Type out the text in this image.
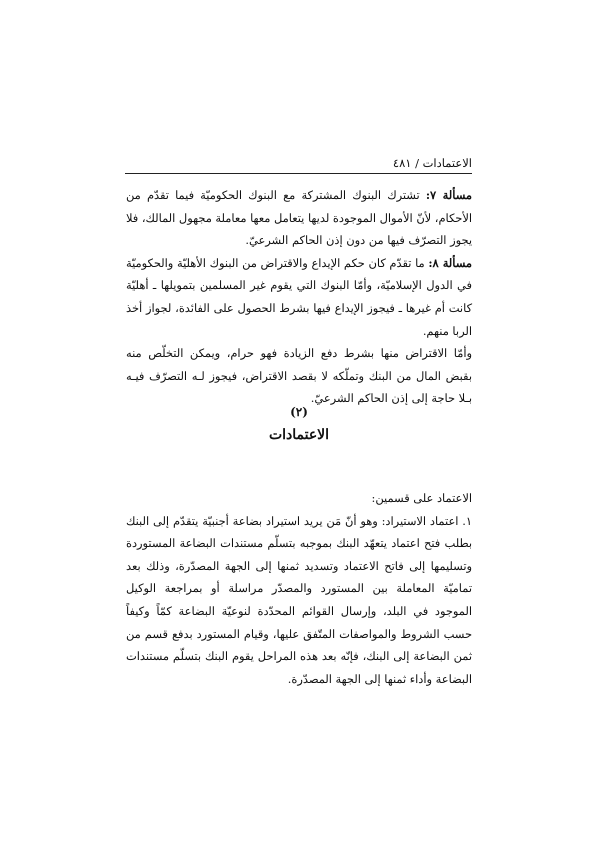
الاعتمادات / ٤٨١

مسألة ٧: تشترك البنوك المشتركة مع البنوك الحكوميّة فيما تقدّم من الأحكام، لأنّ الأموال الموجودة لديها يتعامل معها معاملة مجهول المالك، فلا يجوز التصرّف فيها من دون إذن الحاكم الشرعيّ.

مسألة ٨: ما تقدّم كان حكم الإيداع والاقتراض من البنوك الأهليّة والحكوميّة في الدول الإسلاميّة، وأمّا البنوك التي يقوم غير المسلمين بتمويلها ـ أهليّة كانت أم غيرها ـ فيجوز الإيداع فيها بشرط الحصول على الفائدة، لجواز أخذ الربا منهم.

وأمّا الاقتراض منها بشرط دفع الزيادة فهو حرام، ويمكن التخلّص منه بقبض المال من البنك وتملّكه لا بقصد الاقتراض، فيجوز لـه التصرّف فيـه بـلا حاجة إلى إذن الحاكم الشرعيّ.

(٢)
الاعتمادات

الاعتماد على قسمين:

١. اعتماد الاستيراد: وهو أنّ مَن يريد استيراد بضاعة أجنبيّة يتقدّم إلى البنك بطلب فتح اعتماد يتعهّد البنك بموجبه بتسلّم مستندات البضاعة المستوردة وتسليمها إلى فاتح الاعتماد وتسديد ثمنها إلى الجهة المصدّرة، وذلك بعد تماميّة المعاملة بين المستورد والمصدّر مراسلة أو بمراجعة الوكيل الموجود في البلد، وإرسال القوائم المحدّدة لنوعيّة البضاعة كمّاً وكيفاً حسب الشروط والمواصفات المتّفق عليها، وقيام المستورد بدفع قسم من ثمن البضاعة إلى البنك، فإنّه بعد هذه المراحل يقوم البنك بتسلّم مستندات البضاعة وأداء ثمنها إلى الجهة المصدّرة.
